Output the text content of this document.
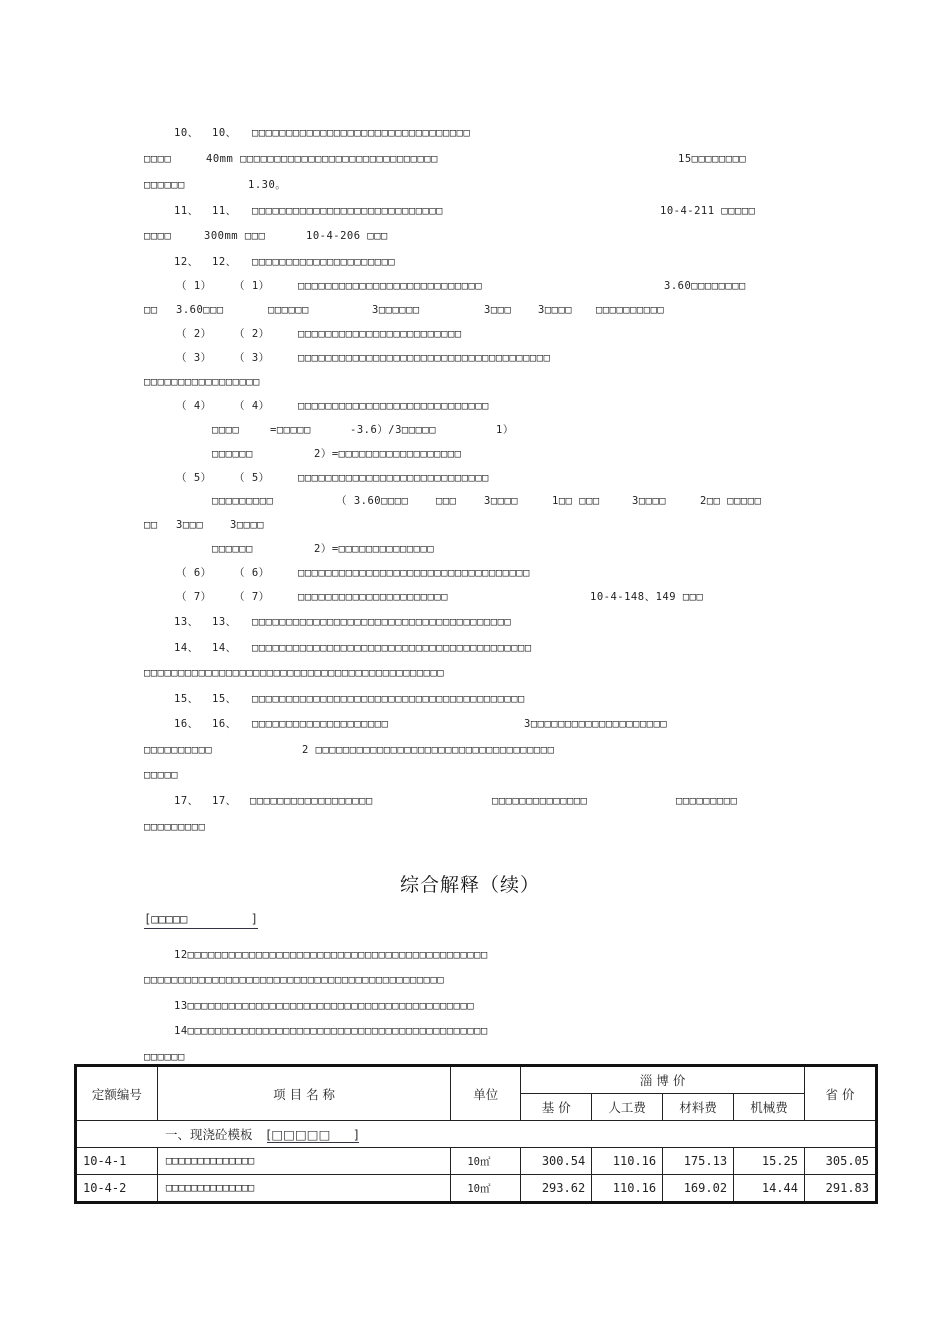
10、 10、 □□□□□□□□□□□□□□□□□□□□□□□□□□□□□□□□
□□□□	40mm □□□□□□□□□□□□□□□□□□□□□□□□□□□□□	15□□□□□□□□
□□□□□□	1.30。
11、 11、 □□□□□□□□□□□□□□□□□□□□□□□□□□□□	10-4-211 □□□□□
□□□□	300mm □□□	10-4-206 □□□
12、 12、 □□□□□□□□□□□□□□□□□□□□□
（ 1） （ 1）	□□□□□□□□□□□□□□□□□□□□□□□□□□□	3.60□□□□□□□□
□□ 3.60□□□	□□□□□□	3□□□□□□	3□□□	3□□□□ □□□□□□□□□□
（ 2） （ 2）	□□□□□□□□□□□□□□□□□□□□□□□□
（ 3） （ 3）	□□□□□□□□□□□□□□□□□□□□□□□□□□□□□□□□□□□□□
□□□□□□□□□□□□□□□□□
（ 4） （ 4）	□□□□□□□□□□□□□□□□□□□□□□□□□□□□
□□□□	=□□□□□	-3.6）/3□□□□□	1）
□□□□□□	2）=□□□□□□□□□□□□□□□□□□
（ 5） （ 5）	□□□□□□□□□□□□□□□□□□□□□□□□□□□□
□□□□□□□□□	（ 3.60□□□□	□□□	3□□□□	1□□ □□□	3□□□□	2□□ □□□□□
□□ 3□□□	3□□□□
□□□□□□	2）=□□□□□□□□□□□□□□
（ 6） （ 6）	□□□□□□□□□□□□□□□□□□□□□□□□□□□□□□□□□□
（ 7） （ 7）	□□□□□□□□□□□□□□□□□□□□□□	10-4-148、149 □□□
13、 13、 □□□□□□□□□□□□□□□□□□□□□□□□□□□□□□□□□□□□□□
14、 14、 □□□□□□□□□□□□□□□□□□□□□□□□□□□□□□□□□□□□□□□□□
□□□□□□□□□□□□□□□□□□□□□□□□□□□□□□□□□□□□□□□□□□□□
15、 15、 □□□□□□□□□□□□□□□□□□□□□□□□□□□□□□□□□□□□□□□□
16、 16、 □□□□□□□□□□□□□□□□□□□□	3□□□□□□□□□□□□□□□□□□□□
□□□□□□□□□□	2 □□□□□□□□□□□□□□□□□□□□□□□□□□□□□□□□□□□
□□□□□
17、 17、 □□□□□□□□□□□□□□□□□□	□□□□□□□□□□□□□□	□□□□□□□□□
□□□□□□□□□
12□□□□□□□□□□□□□□□□□□□□□□□□□□□□□□□□□□□□□□□□□□□□
□□□□□□□□□□□□□□□□□□□□□□□□□□□□□□□□□□□□□□□□□□□□
13□□□□□□□□□□□□□□□□□□□□□□□□□□□□□□□□□□□□□□□□□□
14□□□□□□□□□□□□□□□□□□□□□□□□□□□□□□□□□□□□□□□□□□□□
□□□□□□
综合解释（续）
[□□□□□	]
定额编号	项 目 名 称	单位	淄 博 价				省 价
			基 价	人工费	材料费	机械费	
一、现浇砼模板 [□□□□□ ]							

10-4-1	□□□□□□□□□□□□□□	10㎡	300.54	110.16	175.13	15.25	305.05
10-4-2	□□□□□□□□□□□□□□	10㎡	293.62	110.16	169.02	14.44	291.83
